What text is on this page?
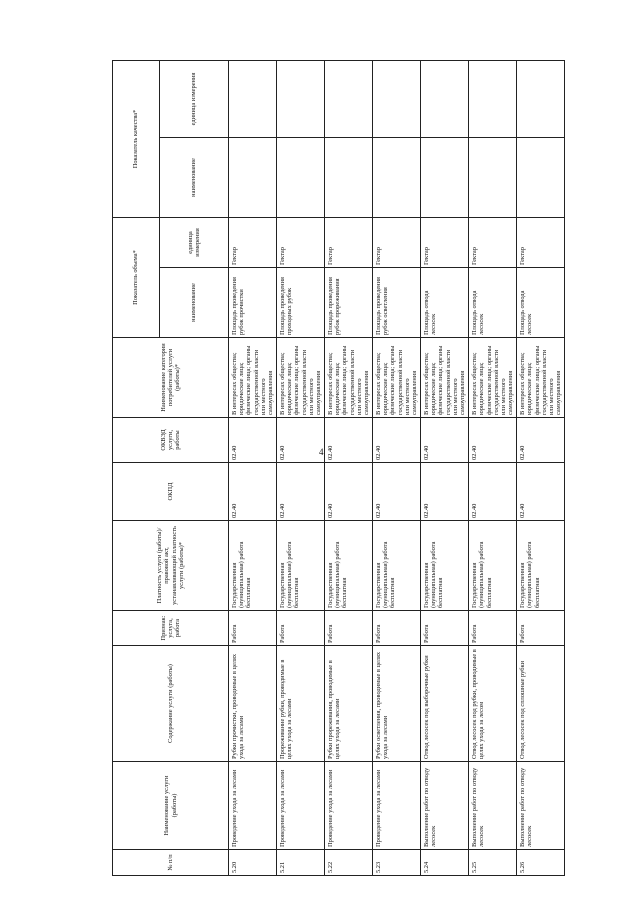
4
№ п/п	Наименование услуги (работы)	Содержание услуги (работы)	Признак: услуга, работа	Платность услуги (работы)/правовой акт, устанавливающий платность услуги (работы)*	ОКПД	ОКВЭД услуги, работы	Наименование категории потребителей услуги (работы)*	Показатель объема*		Показатель качества*	
								наименование	единица измерения	наименование	единица измерения
5.20	Проведение ухода за лесами	Рубки прочистки, проводимые в целях ухода за лесами	Работа	Государственная (муниципальная) работа бесплатная	02.40	02.40	В интересах общества; юридические лица; физические лица; органы государственной власти или местного самоуправления	Площадь проведения рубок прочистки	Гектар		
5.21	Проведение ухода за лесами	Прореживание рубки, проводимые в целях ухода за лесами	Работа	Государственная (муниципальная) работа бесплатная	02.40	02.40	В интересах общества; юридические лица; физические лица; органы государственной власти или местного самоуправления	Площадь проведения проходных рубок	Гектар		
5.22	Проведение ухода за лесами	Рубки прореживания, проводимые в целях ухода за лесами	Работа	Государственная (муниципальная) работа бесплатная	02.40	02.40	В интересах общества; юридические лица; физические лица; органы государственной власти или местного самоуправления	Площадь проведения рубок прореживания	Гектар		
5.23	Проведение ухода за лесами	Рубки осветления, проводимые в целях ухода за лесами	Работа	Государственная (муниципальная) работа бесплатная	02.40	02.40	В интересах общества; юридические лица; физические лица; органы государственной власти или местного самоуправления	Площадь проведения рубок осветления	Гектар		
5.24	Выполнение работ по отводу лесосек	Отвод лесосек под выборочные рубки	Работа	Государственная (муниципальная) работа бесплатная	02.40	02.40	В интересах общества; юридические лица; физические лица; органы государственной власти или местного самоуправления	Площадь отвода лесосек	Гектар		
5.25	Выполнение работ по отводу лесосек	Отвод лесосек под рубки, проводимые в целях ухода за лесом	Работа	Государственная (муниципальная) работа бесплатная	02.40	02.40	В интересах общества; юридические лица; физические лица; органы государственной власти или местного самоуправления	Площадь отвода лесосек	Гектар		
5.26	Выполнение работ по отводу лесосек	Отвод лесосек под сплошные рубки	Работа	Государственная (муниципальная) работа бесплатная	02.40	02.40	В интересах общества; юридические лица; физические лица; органы государственной власти или местного самоуправления	Площадь отвода лесосек	Гектар		
